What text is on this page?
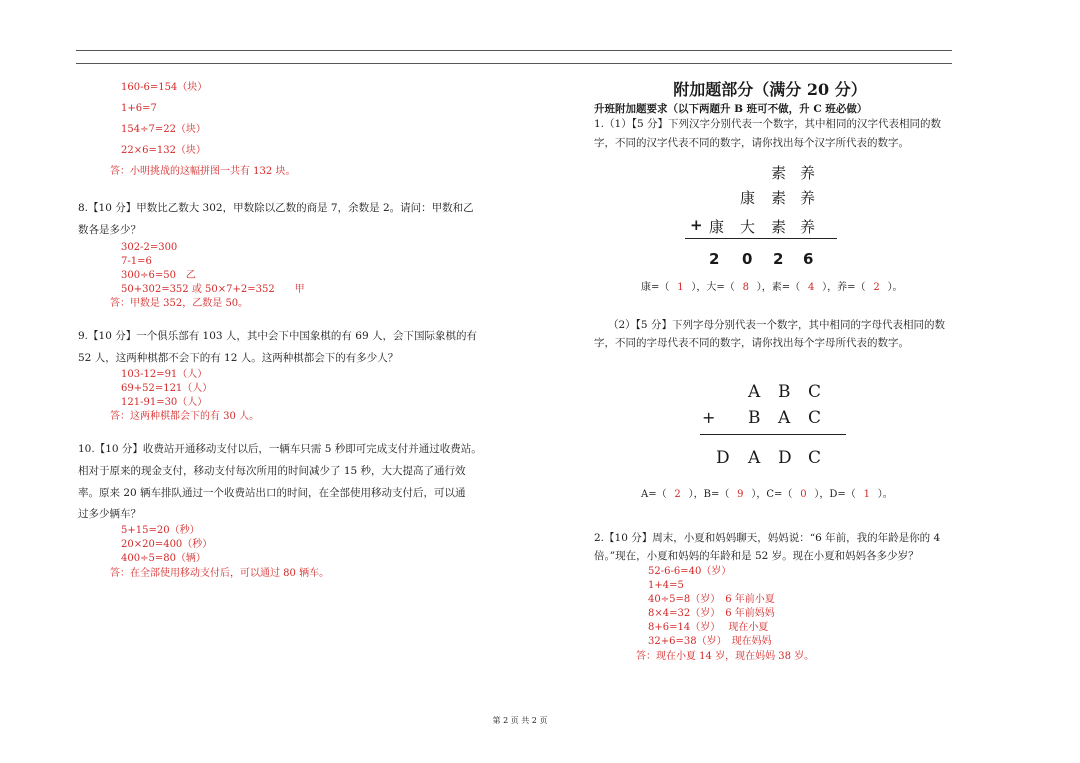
160-6=154（块）
1+6=7
154÷7=22（块）
22×6=132（块）
答：小明挑战的这幅拼图一共有 132 块。
8.【10 分】甲数比乙数大 302，甲数除以乙数的商是 7，余数是 2。请问：甲数和乙
数各是多少？
302-2=300
7-1=6
300÷6=50　乙
50+302=352 或 50×7+2=352　　甲
答：甲数是 352，乙数是 50。
9.【10 分】一个俱乐部有 103 人，其中会下中国象棋的有 69 人，会下国际象棋的有
52 人，这两种棋都不会下的有 12 人。这两种棋都会下的有多少人？
103-12=91（人）
69+52=121（人）
121-91=30（人）
答：这两种棋都会下的有 30 人。
10.【10 分】收费站开通移动支付以后，一辆车只需 5 秒即可完成支付并通过收费站。
相对于原来的现金支付，移动支付每次所用的时间减少了 15 秒，大大提高了通行效
率。原来 20 辆车排队通过一个收费站出口的时间，在全部使用移动支付后，可以通
过多少辆车？
5+15=20（秒）
20×20=400（秒）
400÷5=80（辆）
答：在全部使用移动支付后，可以通过 80 辆车。
附加题部分（满分 20 分）
升班附加题要求（以下两题升 B 班可不做，升 C 班必做）
1.（1）【5 分】下列汉字分别代表一个数字，其中相同的汉字代表相同的数
字，不同的汉字代表不同的数字，请你找出每个汉字所代表的数字。
素 养
康 素 养
+ 康 大 素 养
2 0 2 6
康=（ 1 ），大=（ 8 ），素=（ 4 ），养=（ 2 ）。
（2）【5 分】下列字母分别代表一个数字，其中相同的字母代表相同的数
字，不同的字母代表不同的数字，请你找出每个字母所代表的数字。
A B C
+ B A C
D A D C
A=（ 2 ），B=（ 9 ），C=（ 0 ），D=（ 1 ）。
2.【10 分】周末，小夏和妈妈聊天，妈妈说：“6 年前，我的年龄是你的 4
倍。”现在，小夏和妈妈的年龄和是 52 岁。现在小夏和妈妈各多少岁？
52-6-6=40（岁）
1+4=5
40÷5=8（岁）　6 年前小夏
8×4=32（岁）　6 年前妈妈
8+6=14（岁）　 现在小夏
32+6=38（岁）　现在妈妈
答：现在小夏 14 岁，现在妈妈 38 岁。
第 2 页 共 2 页
